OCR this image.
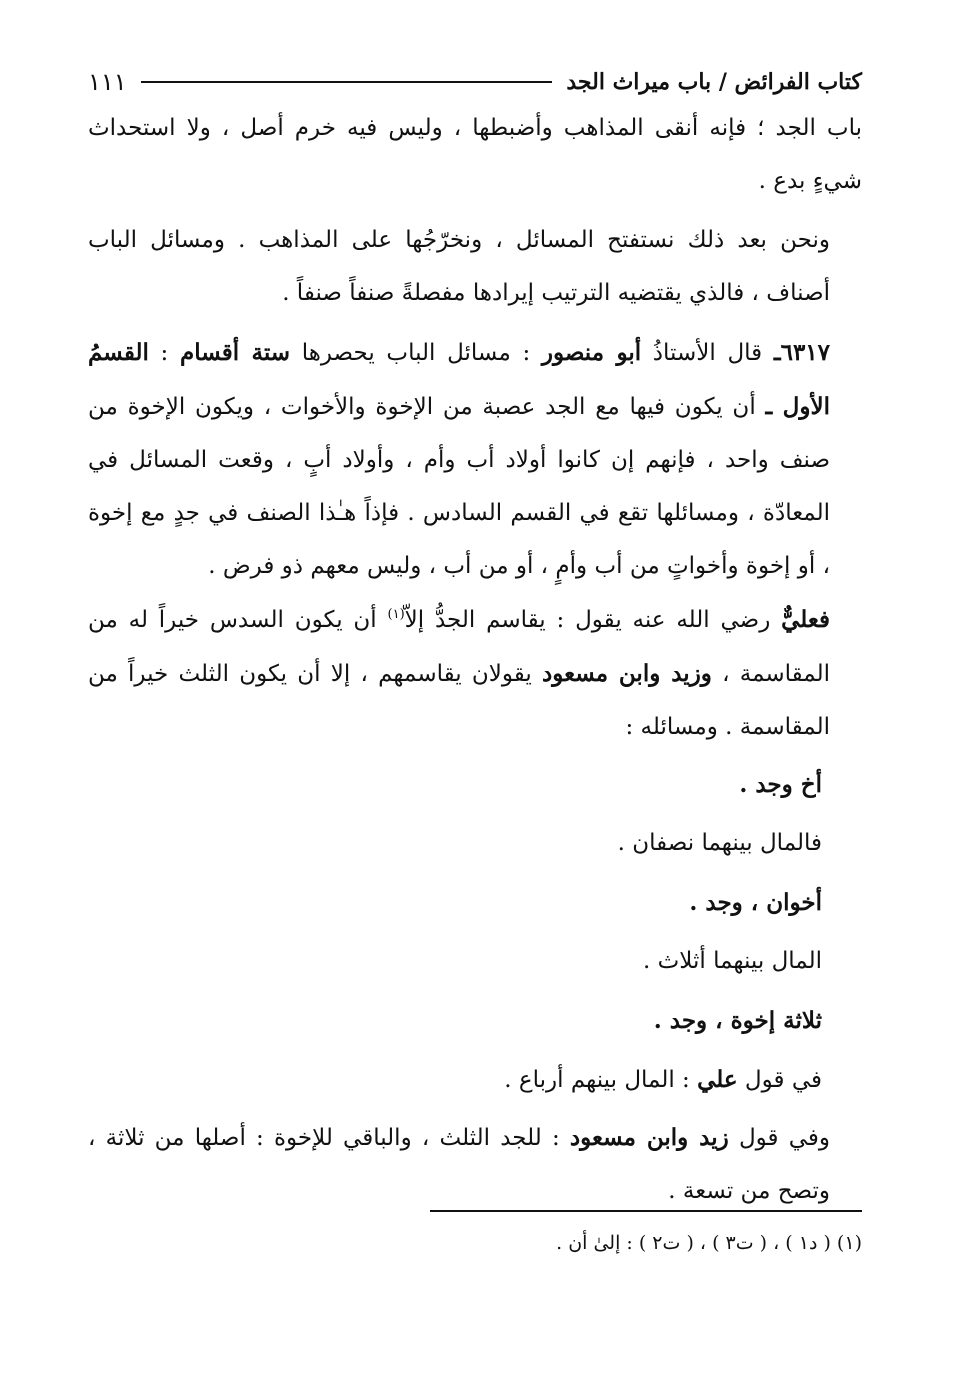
كتاب الفرائض / باب ميراث الجد
١١١

باب الجد ؛ فإنه أنقى المذاهب وأضبطها ، وليس فيه خرم أصل ، ولا استحداث شيءٍ بدع .

ونحن بعد ذلك نستفتح المسائل ، ونخرّجُها على المذاهب . ومسائل الباب أصناف ، فالذي يقتضيه الترتيب إيرادها مفصلةً صنفاً صنفاً .

٦٣١٧ـ قال الأستاذُ أبو منصور : مسائل الباب يحصرها ستة أقسام : القسمُ الأول ـ أن يكون فيها مع الجد عصبة من الإخوة والأخوات ، ويكون الإخوة من صنف واحد ، فإنهم إن كانوا أولاد أب وأم ، وأولاد أبٍ ، وقعت المسائل في المعادّة ، ومسائلها تقع في القسم السادس . فإذاً هـٰذا الصنف في جدٍ مع إخوة ، أو إخوة وأخواتٍ من أب وأمٍ ، أو من أب ، وليس معهم ذو فرض .

فعليٌّ رضي الله عنه يقول : يقاسم الجدُّ إلاّ$^{(١)}$ أن يكون السدس خيراً له من المقاسمة ، وزيد وابن مسعود يقولان يقاسمهم ، إلا أن يكون الثلث خيراً من المقاسمة . ومسائله :

أخ وجد .

فالمال بينهما نصفان .

أخوان ، وجد .

المال بينهما أثلاث .

ثلاثة إخوة ، وجد .

في قول علي : المال بينهم أرباع .

وفي قول زيد وابن مسعود : للجد الثلث ، والباقي للإخوة : أصلها من ثلاثة ، وتصح من تسعة .

(١) ( د١ ) ، ( ت٣ ) ، ( ت٢ ) : إلىٰ أن .
